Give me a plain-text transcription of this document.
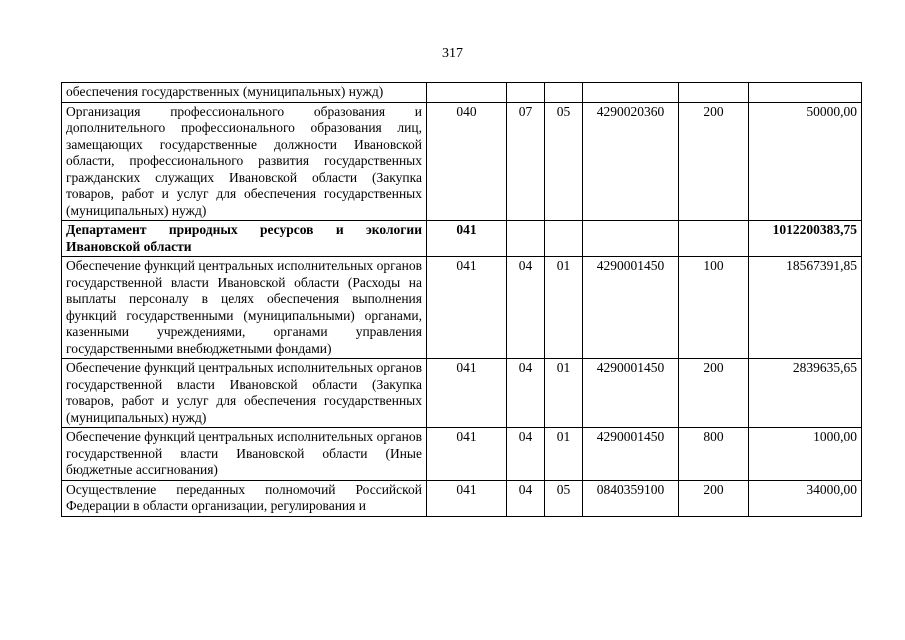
317
обеспечения государственных (муниципальных) нужд)						
Организация профессионального образования и дополнительного профессионального образования лиц, замещающих государственные должности Ивановской области, профессионального развития государственных гражданских служащих Ивановской области (Закупка товаров, работ и услуг для обеспечения государственных (муниципальных) нужд)	040	07	05	4290020360	200	50000,00
Департамент природных ресурсов и экологии Ивановской области	041					1012200383,75
Обеспечение функций центральных исполнительных органов государственной власти Ивановской области (Расходы на выплаты персоналу в целях обеспечения выполнения функций государственными (муниципальными) органами, казенными учреждениями, органами управления государственными внебюджетными фондами)	041	04	01	4290001450	100	18567391,85
Обеспечение функций центральных исполнительных органов государственной власти Ивановской области (Закупка товаров, работ и услуг для обеспечения государственных (муниципальных) нужд)	041	04	01	4290001450	200	2839635,65
Обеспечение функций центральных исполнительных органов государственной власти Ивановской области (Иные бюджетные ассигнования)	041	04	01	4290001450	800	1000,00
Осуществление переданных полномочий Российской Федерации в области организации, регулирования и	041	04	05	0840359100	200	34000,00
